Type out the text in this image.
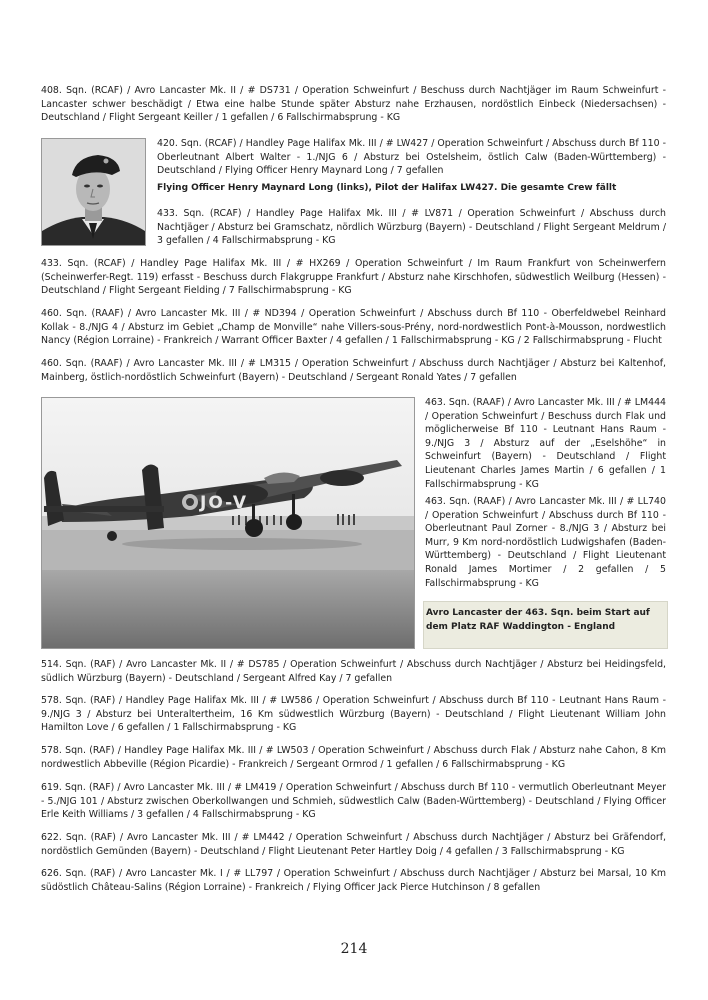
408. Sqn. (RCAF) / Avro Lancaster Mk. II / # DS731 / Operation Schweinfurt / Beschuss durch Nachtjäger im Raum Schweinfurt - Lancaster schwer beschädigt / Etwa eine halbe Stunde später Absturz nahe Erzhausen, nordöstlich Einbeck (Niedersachsen) - Deutschland / Flight Sergeant Keiller / 1 gefallen / 6 Fallschirmabsprung - KG
420. Sqn. (RCAF) / Handley Page Halifax Mk. III / # LW427 / Operation Schweinfurt / Abschuss durch Bf 110 - Oberleutnant Albert Walter - 1./NJG 6 / Absturz bei Ostelsheim, östlich Calw (Baden-Württemberg) - Deutschland / Flying Officer Henry Maynard Long / 7 gefallen
Flying Officer Henry Maynard Long (links), Pilot der Halifax LW427. Die gesamte Crew fällt
433. Sqn. (RCAF) / Handley Page Halifax Mk. III / # LV871 / Operation Schweinfurt / Abschuss durch Nachtjäger / Absturz bei Gramschatz, nördlich Würzburg (Bayern) - Deutschland / Flight Sergeant Meldrum / 3 gefallen / 4 Fallschirmabsprung - KG
433. Sqn. (RCAF) / Handley Page Halifax Mk. III / # HX269 / Operation Schweinfurt / Im Raum Frankfurt von Scheinwerfern (Scheinwerfer-Regt. 119) erfasst - Beschuss durch Flakgruppe Frankfurt / Absturz nahe Kirschhofen, südwestlich Weilburg (Hessen) - Deutschland / Flight Sergeant Fielding / 7 Fallschirmabsprung - KG
460. Sqn. (RAAF) / Avro Lancaster Mk. III / # ND394 / Operation Schweinfurt / Abschuss durch Bf 110 - Oberfeldwebel Reinhard Kollak - 8./NJG 4 / Absturz im Gebiet „Champ de Monville“ nahe Villers-sous-Prény, nord-nordwestlich Pont-à-Mousson, nordwestlich Nancy (Région Lorraine) - Frankreich / Warrant Officer Baxter / 4 gefallen / 1 Fallschirmabsprung - KG / 2 Fallschirmabsprung - Flucht
460. Sqn. (RAAF) / Avro Lancaster Mk. III / # LM315 / Operation Schweinfurt / Abschuss durch Nachtjäger / Absturz bei Kaltenhof, Mainberg, östlich-nordöstlich Schweinfurt (Bayern) - Deutschland / Sergeant Ronald Yates / 7 gefallen
JO-V
463. Sqn. (RAAF) / Avro Lancaster Mk. III / # LM444 / Operation Schweinfurt / Beschuss durch Flak und möglicherweise Bf 110 - Leutnant Hans Raum - 9./NJG 3 / Absturz auf der „Eselshöhe“ in Schweinfurt (Bayern) - Deutschland / Flight Lieutenant Charles James Martin / 6 gefallen / 1 Fallschirmabsprung - KG
463. Sqn. (RAAF) / Avro Lancaster Mk. III / # LL740 / Operation Schweinfurt / Abschuss durch Bf 110 - Oberleutnant Paul Zorner - 8./NJG 3 / Absturz bei Murr, 9 Km nord-nordöstlich Ludwigshafen (Baden-Württemberg) - Deutschland / Flight Lieutenant Ronald James Mortimer / 2 gefallen / 5 Fallschirmabsprung - KG
Avro Lancaster der 463. Sqn. beim Start auf dem Platz RAF Waddington - England
514. Sqn. (RAF) / Avro Lancaster Mk. II / # DS785 / Operation Schweinfurt / Abschuss durch Nachtjäger / Absturz bei Heidingsfeld, südlich Würzburg (Bayern) - Deutschland / Sergeant Alfred Kay / 7 gefallen
578. Sqn. (RAF) / Handley Page Halifax Mk. III / # LW586 / Operation Schweinfurt / Abschuss durch Bf 110 - Leutnant Hans Raum - 9./NJG 3 / Absturz bei Unteraltertheim, 16 Km südwestlich Würzburg (Bayern) - Deutschland / Flight Lieutenant William John Hamilton Love / 6 gefallen / 1 Fallschirmabsprung - KG
578. Sqn. (RAF) / Handley Page Halifax Mk. III / # LW503 / Operation Schweinfurt / Abschuss durch Flak / Absturz nahe Cahon, 8 Km nordwestlich Abbeville (Région Picardie) - Frankreich / Sergeant Ormrod / 1 gefallen / 6 Fallschirmabsprung - KG
619. Sqn. (RAF) / Avro Lancaster Mk. III / # LM419 / Operation Schweinfurt / Abschuss durch Bf 110 - vermutlich Oberleutnant Meyer - 5./NJG 101 / Absturz zwischen Oberkollwangen und Schmieh, südwestlich Calw (Baden-Württemberg) - Deutschland / Flying Officer Erle Keith Williams / 3 gefallen / 4 Fallschirmabsprung - KG
622. Sqn. (RAF) / Avro Lancaster Mk. III / # LM442 / Operation Schweinfurt / Abschuss durch Nachtjäger / Absturz bei Gräfendorf, nordöstlich Gemünden (Bayern) - Deutschland / Flight Lieutenant Peter Hartley Doig / 4 gefallen / 3 Fallschirmabsprung - KG
626. Sqn. (RAF) / Avro Lancaster Mk. I / # LL797 / Operation Schweinfurt / Abschuss durch Nachtjäger / Absturz bei Marsal, 10 Km südöstlich Château-Salins (Région Lorraine) - Frankreich / Flying Officer Jack Pierce Hutchinson / 8 gefallen
214
